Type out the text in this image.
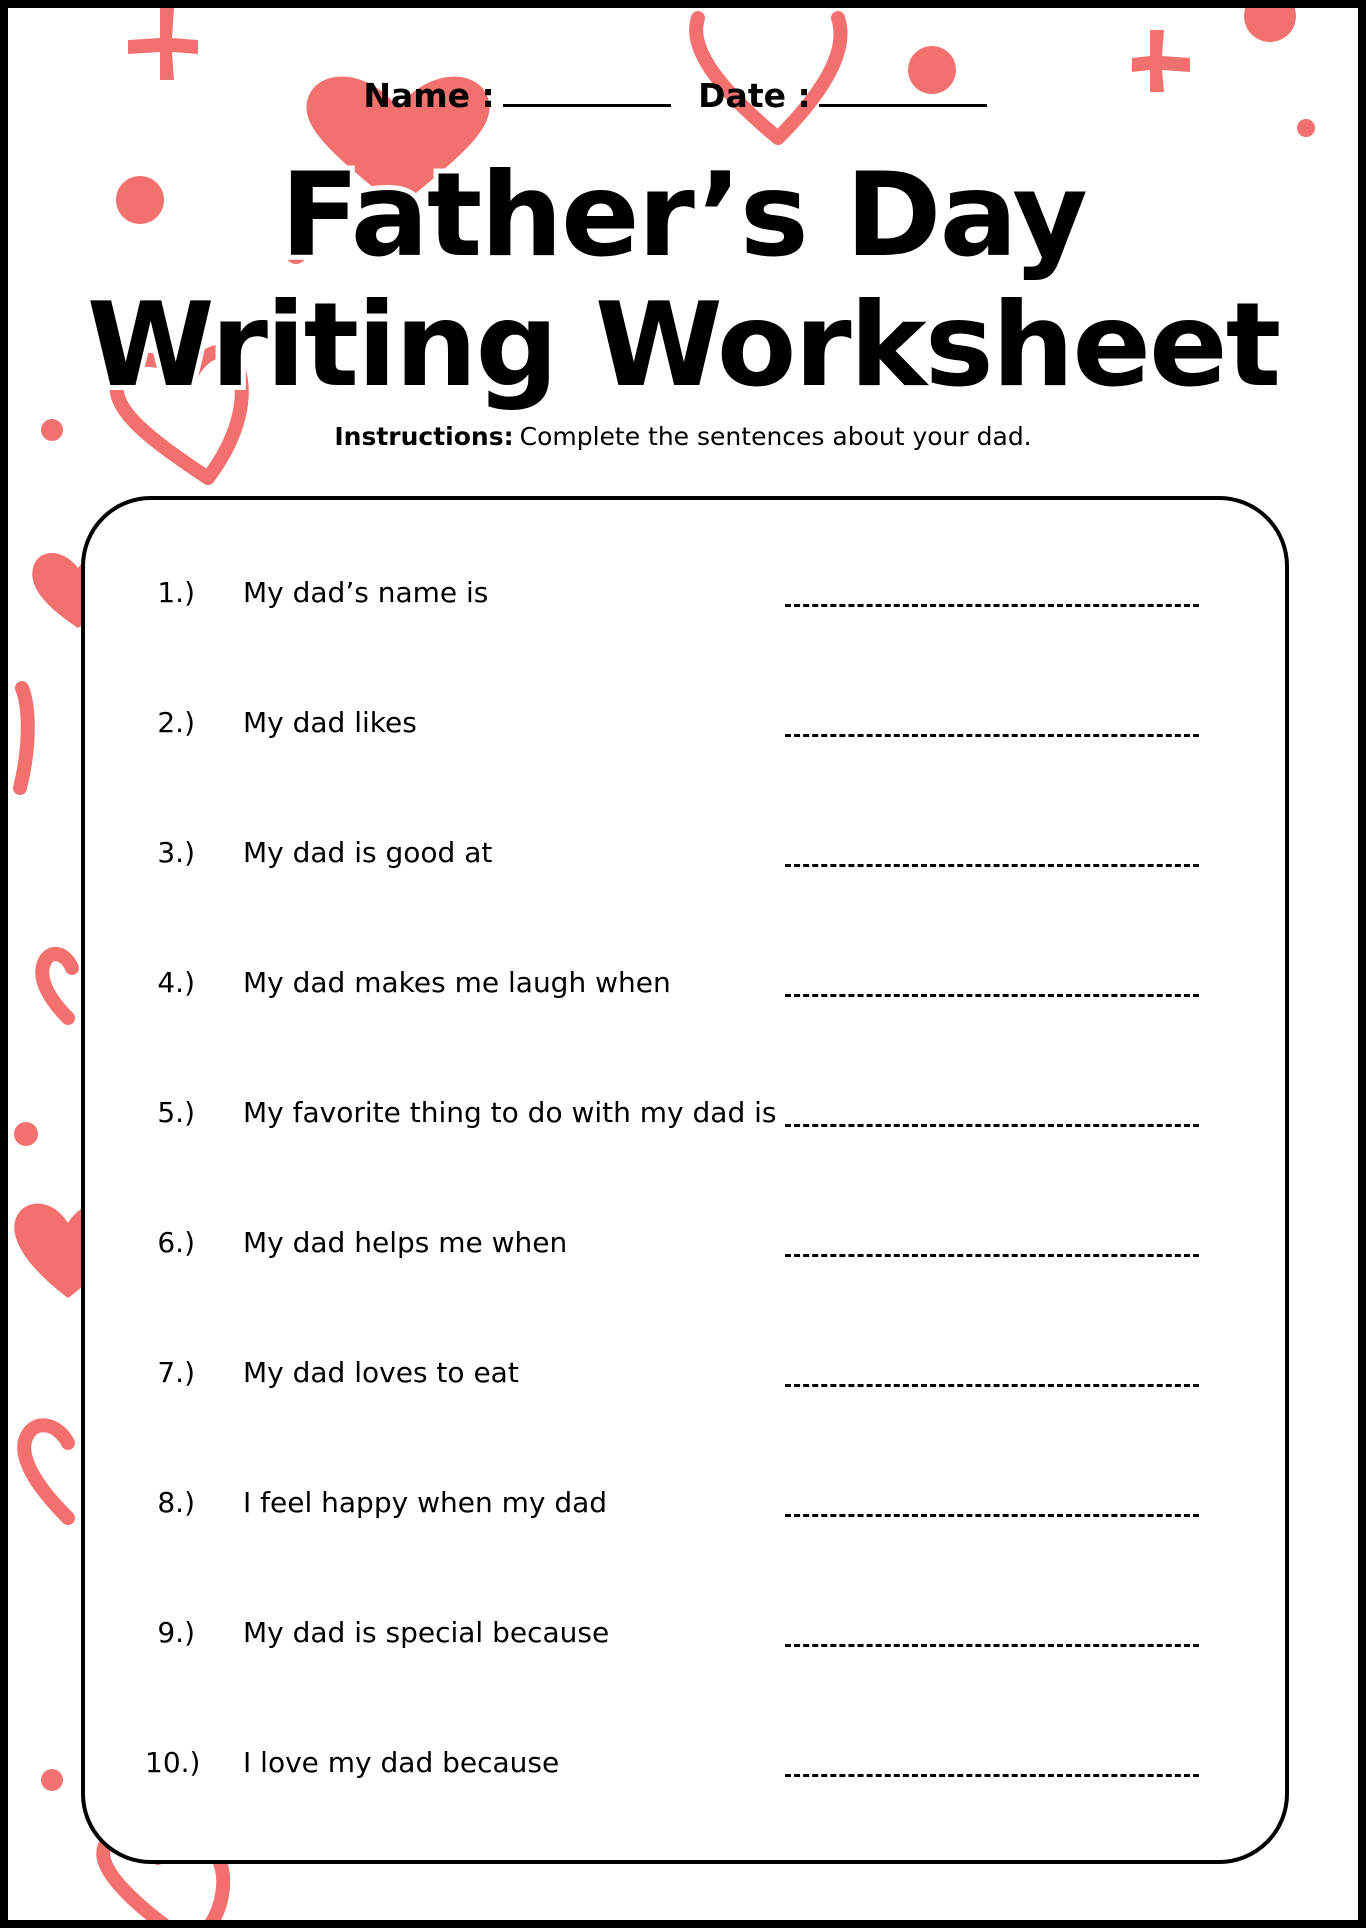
Name :	Date :
Father’s Day
Writing Worksheet
Instructions: Complete the sentences about your dad.
1.) My dad’s name is
2.) My dad likes
3.) My dad is good at
4.) My dad makes me laugh when
5.) My favorite thing to do with my dad is
6.) My dad helps me when
7.) My dad loves to eat
8.) I feel happy when my dad
9.) My dad is special because
10.) I love my dad because
